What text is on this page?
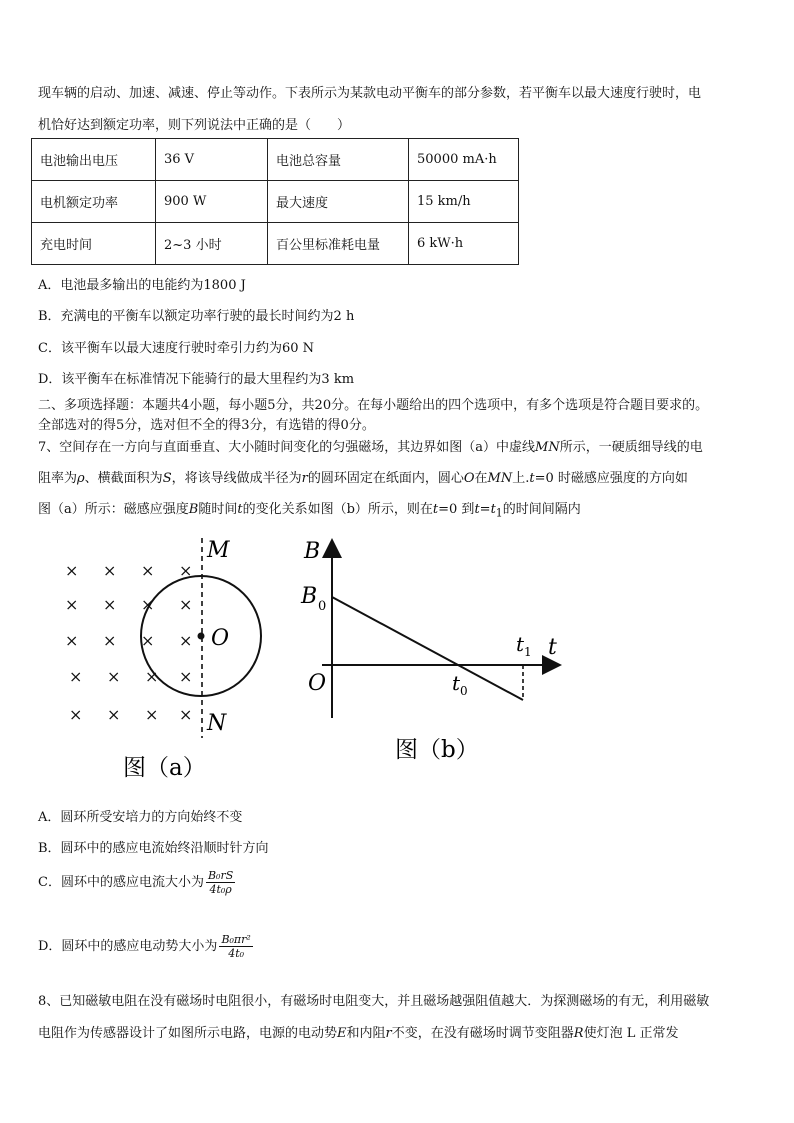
现车辆的启动、加速、减速、停止等动作。下表所示为某款电动平衡车的部分参数，若平衡车以最大速度行驶时，电
机恰好达到额定功率，则下列说法中正确的是（　　）
电池输出电压	36 V	电池总容量	50000 mA·h
电机额定功率	900 W	最大速度	15 km/h
充电时间	2~3 小时	百公里标准耗电量	6 kW·h
A．电池最多输出的电能约为1800 J
B．充满电的平衡车以额定功率行驶的最长时间约为2 h
C．该平衡车以最大速度行驶时牵引力约为60 N
D．该平衡车在标准情况下能骑行的最大里程约为3 km
二、多项选择题：本题共4小题，每小题5分，共20分。在每小题给出的四个选项中，有多个选项是符合题目要求的。
全部选对的得5分，选对但不全的得3分，有选错的得0分。
7、空间存在一方向与直面垂直、大小随时间变化的匀强磁场，其边界如图（a）中虚线MN所示，一硬质细导线的电
阻率为ρ、横截面积为S，将该导线做成半径为r的圆环固定在纸面内，圆心O在MN上.t=0 时磁感应强度的方向如
图（a）所示：磁感应强度B随时间t的变化关系如图（b）所示，则在t=0 到$t=t_1$的时间间隔内
× × × ×
× × × ×
× × × ×
× × × ×
× × × ×
M
O
N
图（a）
B
B 0
O
t
t 0
t 1
图（b）
A．圆环所受安培力的方向始终不变
B．圆环中的感应电流始终沿顺时针方向
C．圆环中的感应电流大小为 $\frac{\text{B₀rS}}{\text{4t₀ρ}}$
D．圆环中的感应电动势大小为 $\frac{\text{B₀πr²}}{\text{4t₀}}$
8、已知磁敏电阻在没有磁场时电阻很小，有磁场时电阻变大，并且磁场越强阻值越大．为探测磁场的有无，利用磁敏
电阻作为传感器设计了如图所示电路，电源的电动势E和内阻r不变，在没有磁场时调节变阻器R使灯泡 L 正常发
